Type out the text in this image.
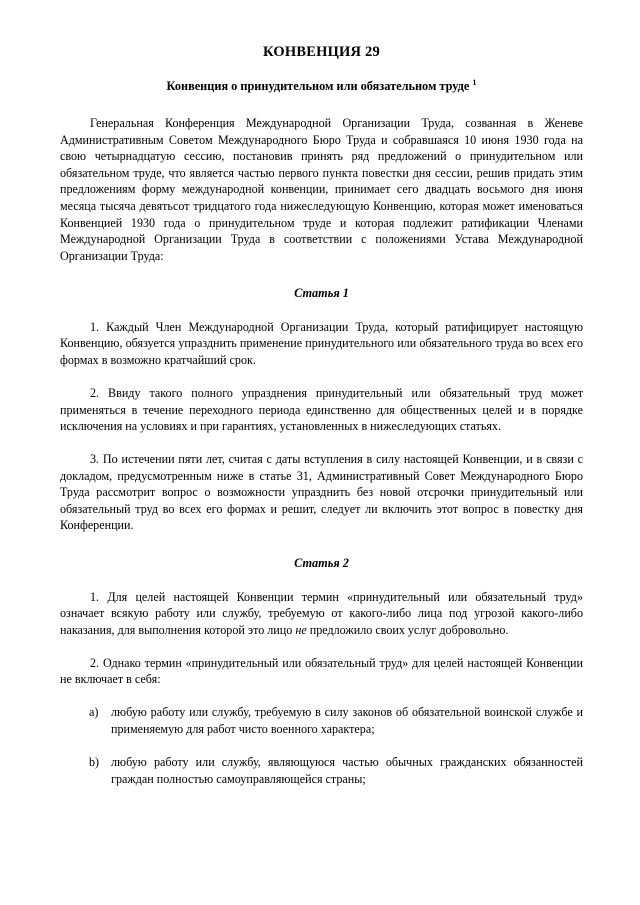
КОНВЕНЦИЯ 29
Конвенция о принудительном или обязательном труде $^1$

Генеральная Конференция Международной Организации Труда, созванная в Женеве Административным Советом Международного Бюро Труда и собравшаяся 10 июня 1930 года на свою четырнадцатую сессию, постановив принять ряд предложений о принудительном или обязательном труде, что является частью первого пункта повестки дня сессии, решив придать этим предложениям форму международной конвенции, принимает сего двадцать восьмого дня июня месяца тысяча девятьсот тридцатого года нижеследующую Конвенцию, которая может именоваться Конвенцией 1930 года о принудительном труде и которая подлежит ратификации Членами Международной Организации Труда в соответствии с положениями Устава Международной Организации Труда:

Статья 1

1. Каждый Член Международной Организации Труда, который ратифицирует настоящую Конвенцию, обязуется упразднить применение принудительного или обязательного труда во всех его формах в возможно кратчайший срок.

2. Ввиду такого полного упразднения принудительный или обязательный труд может применяться в течение переходного периода единственно для общественных целей и в порядке исключения на условиях и при гарантиях, установленных в нижеследующих статьях.

3. По истечении пяти лет, считая с даты вступления в силу настоящей Конвенции, и в связи с докладом, предусмотренным ниже в статье 31, Административный Совет Международного Бюро Труда рассмотрит вопрос о возможности упразднить без новой отсрочки принудительный или обязательный труд во всех его формах и решит, следует ли включить этот вопрос в повестку дня Конференции.

Статья 2

1. Для целей настоящей Конвенции термин «принудительный или обязательный труд» означает всякую работу или службу, требуемую от какого-либо лица под угрозой какого-либо наказания, для выполнения которой это лицо не предложило своих услуг добровольно.

2. Однако термин «принудительный или обязательный труд» для целей настоящей Конвенции не включает в себя:

a)	любую работу или службу, требуемую в силу законов об обязательной воинской службе и применяемую для работ чисто военного характера;
b) любую работу или службу, являющуюся частью обычных гражданских обязанностей граждан полностью самоуправляющейся страны;
